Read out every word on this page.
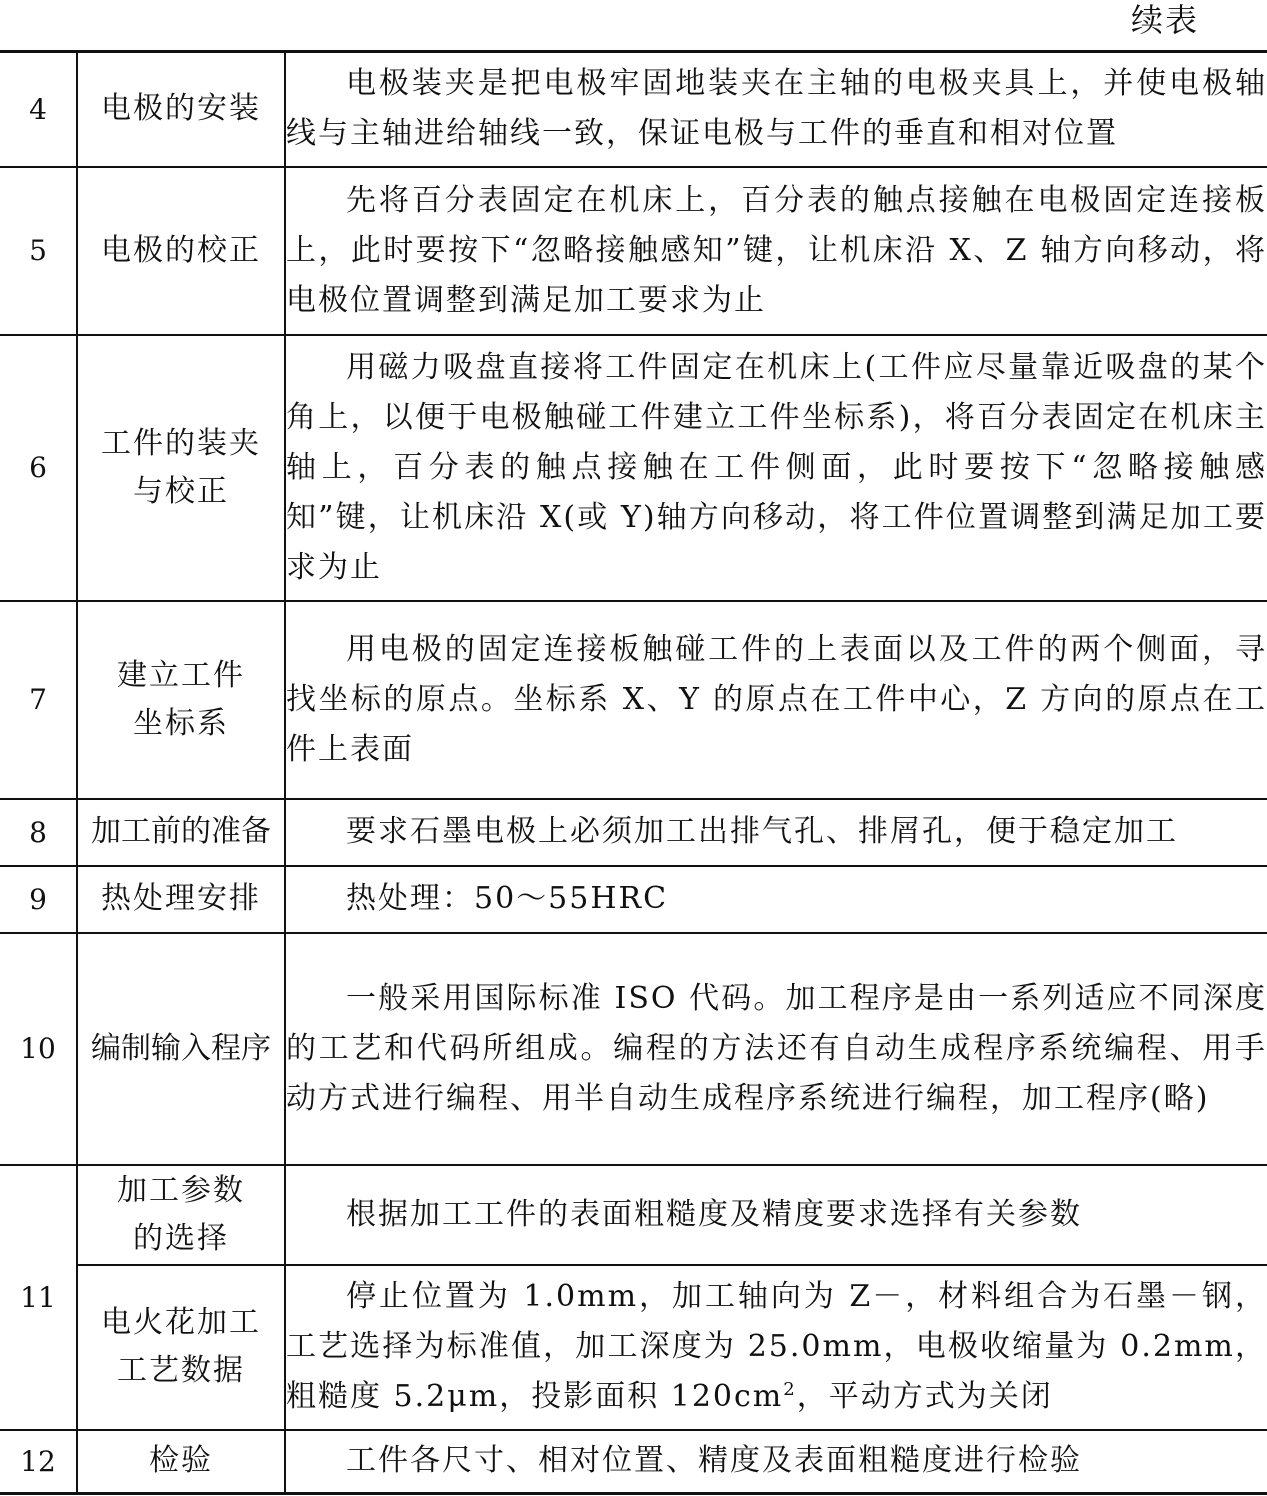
续表
4	电极的安装	电极装夹是把电极牢固地装夹在主轴的电极夹具上，并使电极轴线与主轴进给轴线一致，保证电极与工件的垂直和相对位置
5	电极的校正	先将百分表固定在机床上，百分表的触点接触在电极固定连接板上，此时要按下“忽略接触感知”键，让机床沿 X、Z 轴方向移动，将电极位置调整到满足加工要求为止
6	工件的装夹与校正	用磁力吸盘直接将工件固定在机床上(工件应尽量靠近吸盘的某个角上，以便于电极触碰工件建立工件坐标系)，将百分表固定在机床主轴上，百分表的触点接触在工件侧面，此时要按下“忽略接触感知”键，让机床沿 X(或 Y)轴方向移动，将工件位置调整到满足加工要求为止
7	建立工件坐标系	用电极的固定连接板触碰工件的上表面以及工件的两个侧面，寻找坐标的原点。坐标系 X、Y 的原点在工件中心，Z 方向的原点在工件上表面
8	加工前的准备	要求石墨电极上必须加工出排气孔、排屑孔，便于稳定加工
9	热处理安排	热处理：50～55HRC
10	编制输入程序	一般采用国际标准 ISO 代码。加工程序是由一系列适应不同深度的工艺和代码所组成。编程的方法还有自动生成程序系统编程、用手动方式进行编程、用半自动生成程序系统进行编程，加工程序(略)
11	加工参数的选择	根据加工工件的表面粗糙度及精度要求选择有关参数

	电火花加工工艺数据	停止位置为 1.0mm，加工轴向为 Z－，材料组合为石墨－钢，工艺选择为标准值，加工深度为 25.0mm，电极收缩量为 0.2mm，粗糙度 5.2μm，投影面积 $120cm^2$，平动方式为关闭
12	检验	工件各尺寸、相对位置、精度及表面粗糙度进行检验
